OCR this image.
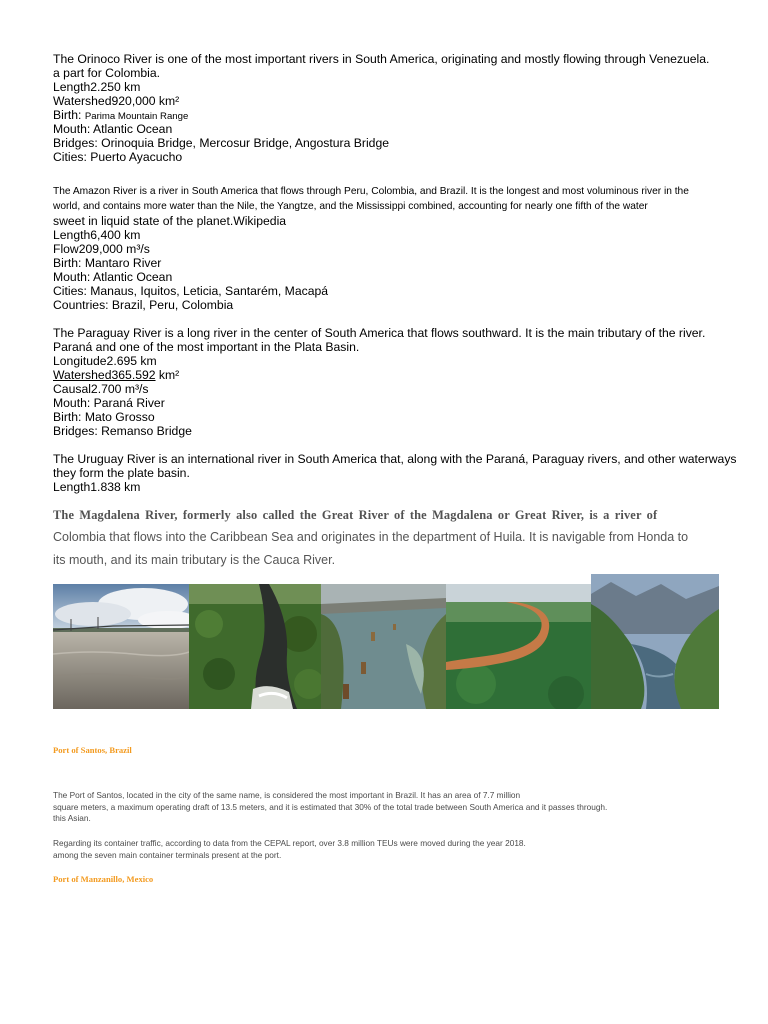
The Orinoco River is one of the most important rivers in South America, originating and mostly flowing through Venezuela.
a part for Colombia.
Length2.250 km
Watershed920,000 km²
Birth: Parima Mountain Range
Mouth: Atlantic Ocean
Bridges: Orinoquia Bridge, Mercosur Bridge, Angostura Bridge
Cities: Puerto Ayacucho
The Amazon River is a river in South America that flows through Peru, Colombia, and Brazil. It is the longest and most voluminous river in the
world, and contains more water than the Nile, the Yangtze, and the Mississippi combined, accounting for nearly one fifth of the water
sweet in liquid state of the planet.Wikipedia
Length6,400 km
Flow209,000 m³/s
Birth: Mantaro River
Mouth: Atlantic Ocean
Cities: Manaus, Iquitos, Leticia, Santarém, Macapá
Countries: Brazil, Peru, Colombia
The Paraguay River is a long river in the center of South America that flows southward. It is the main tributary of the river.
Paraná and one of the most important in the Plata Basin.
Longitude2.695 km
Watershed365.592 km²
Causal2.700 m³/s
Mouth: Paraná River
Birth: Mato Grosso
Bridges: Remanso Bridge
The Uruguay River is an international river in South America that, along with the Paraná, Paraguay rivers, and other waterways
they form the plate basin.
Length1.838 km
The Magdalena River, formerly also called the Great River of the Magdalena or Great River, is a river of
Colombia that flows into the Caribbean Sea and originates in the department of Huila. It is navigable from Honda to
its mouth, and its main tributary is the Cauca River.
Port of Santos, Brazil
The Port of Santos, located in the city of the same name, is considered the most important in Brazil. It has an area of 7.7 million
square meters, a maximum operating draft of 13.5 meters, and it is estimated that 30% of the total trade between South America and it passes through.
this Asian.
Regarding its container traffic, according to data from the CEPAL report, over 3.8 million TEUs were moved during the year 2018.
among the seven main container terminals present at the port.
Port of Manzanillo, Mexico
